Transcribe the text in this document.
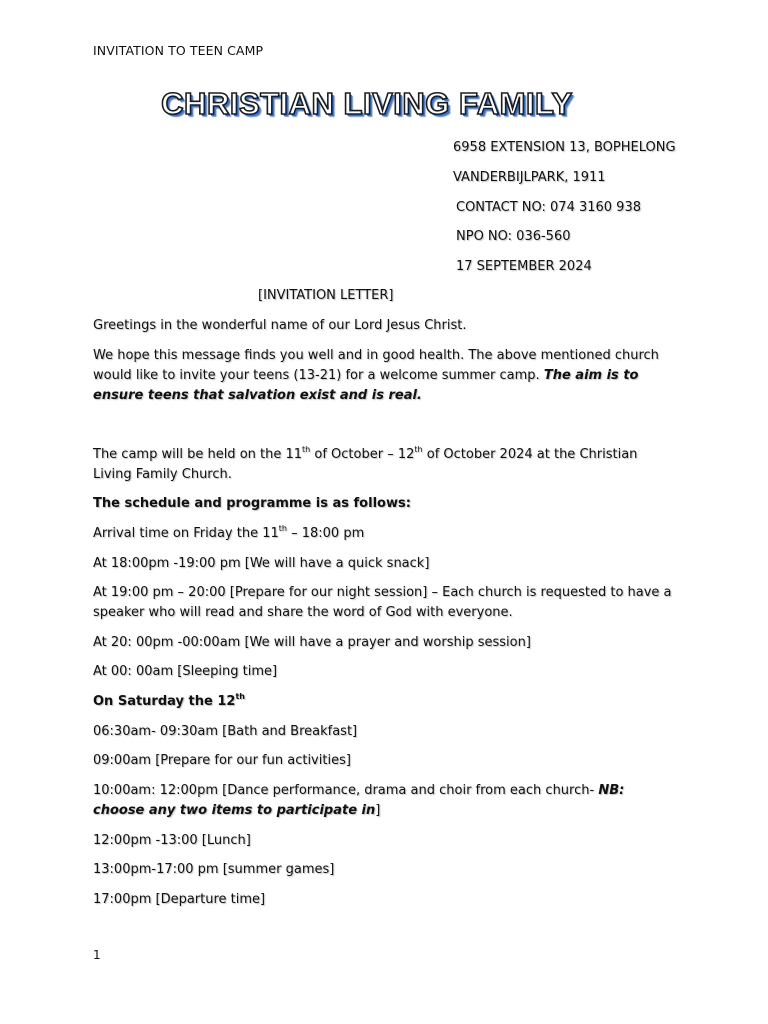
INVITATION TO TEEN CAMP
CHRISTIAN LIVING FAMILY
6958 EXTENSION 13, BOPHELONG
VANDERBIJLPARK, 1911
CONTACT NO: 074 3160 938
NPO NO: 036-560
17 SEPTEMBER 2024
[INVITATION LETTER]
Greetings in the wonderful name of our Lord Jesus Christ.
We hope this message finds you well and in good health. The above mentioned church would like to invite your teens (13-21) for a welcome summer camp. The aim is to ensure teens that salvation exist and is real.
The camp will be held on the 11th of October – 12th of October 2024 at the Christian Living Family Church.
The schedule and programme is as follows:
Arrival time on Friday the 11th – 18:00 pm
At 18:00pm -19:00 pm [We will have a quick snack]
At 19:00 pm – 20:00 [Prepare for our night session] – Each church is requested to have a speaker who will read and share the word of God with everyone.
At 20: 00pm -00:00am [We will have a prayer and worship session]
At 00: 00am [Sleeping time]
On Saturday the 12th
06:30am- 09:30am [Bath and Breakfast]
09:00am [Prepare for our fun activities]
10:00am: 12:00pm [Dance performance, drama and choir from each church- NB: choose any two items to participate in]
12:00pm -13:00 [Lunch]
13:00pm-17:00 pm [summer games]
17:00pm [Departure time]
1
